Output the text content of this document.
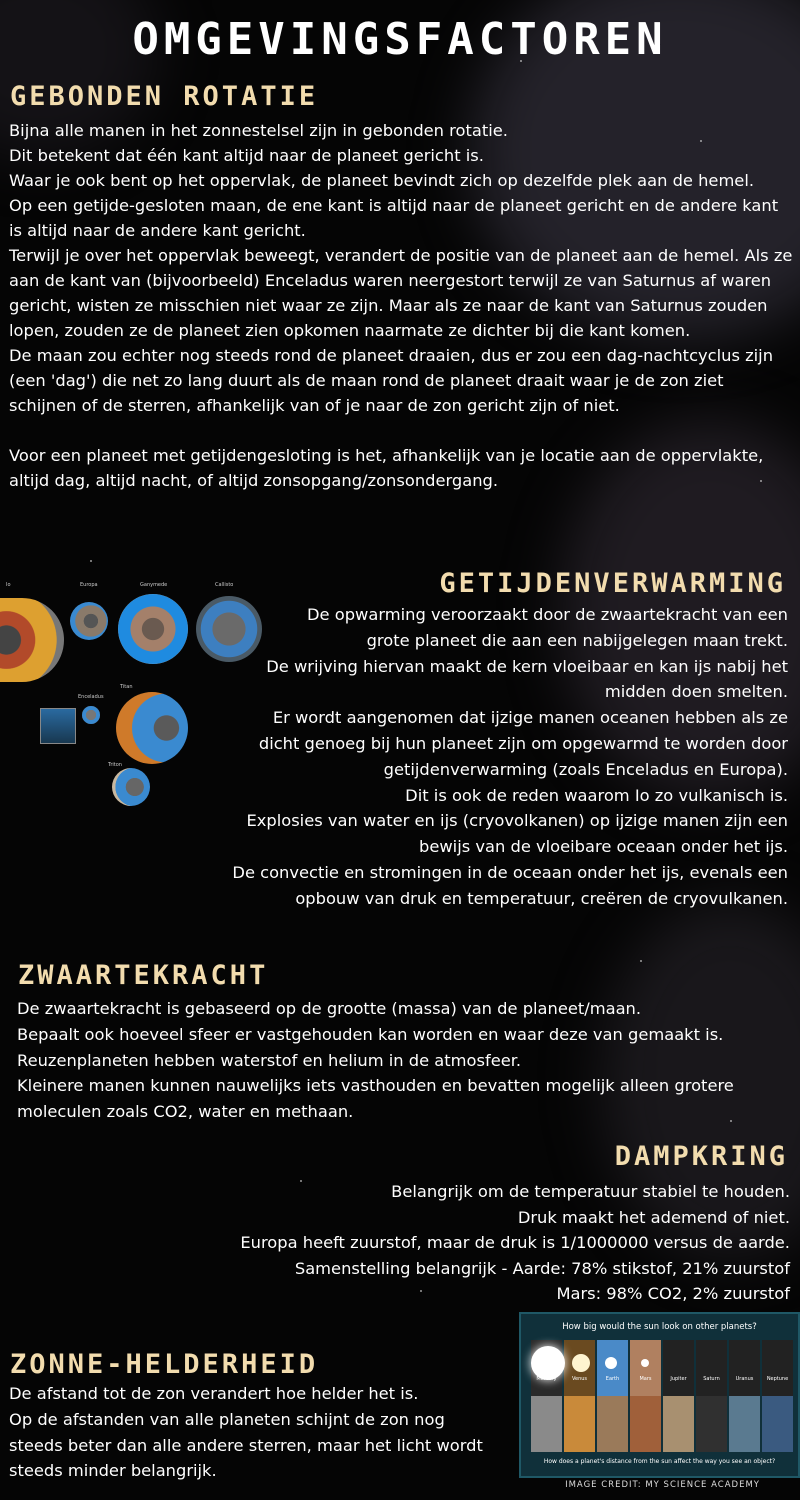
OMGEVINGSFACTOREN
GEBONDEN ROTATIE

Bijna alle manen in het zonnestelsel zijn in gebonden rotatie.

Dit betekent dat één kant altijd naar de planeet gericht is.

Waar je ook bent op het oppervlak, de planeet bevindt zich op dezelfde plek aan de hemel.

Op een getijde-gesloten maan, de ene kant is altijd naar de planeet gericht en de andere kant is altijd naar de andere kant gericht.

Terwijl je over het oppervlak beweegt, verandert de positie van de planeet aan de hemel. Als ze aan de kant van (bijvoorbeeld) Enceladus waren neergestort terwijl ze van Saturnus af waren gericht, wisten ze misschien niet waar ze zijn. Maar als ze naar de kant van Saturnus zouden lopen, zouden ze de planeet zien opkomen naarmate ze dichter bij die kant komen.

De maan zou echter nog steeds rond de planeet draaien, dus er zou een dag-nachtcyclus zijn (een 'dag') die net zo lang duurt als de maan rond de planeet draait waar je de zon ziet schijnen of de sterren, afhankelijk van of je naar de zon gericht zijn of niet.

Voor een planeet met getijdengesloting is het, afhankelijk van je locatie aan de oppervlakte, altijd dag, altijd nacht, of altijd zonsopgang/zonsondergang.

Io	Europa	Ganymede	Callisto
Enceladus
Titan
Triton
GETIJDENVERWARMING

De opwarming veroorzaakt door de zwaartekracht van een grote planeet die aan een nabijgelegen maan trekt.

De wrijving hiervan maakt de kern vloeibaar en kan ijs nabij het midden doen smelten.

Er wordt aangenomen dat ijzige manen oceanen hebben als ze dicht genoeg bij hun planeet zijn om opgewarmd te worden door getijdenverwarming (zoals Enceladus en Europa).

Dit is ook de reden waarom Io zo vulkanisch is.

Explosies van water en ijs (cryovolkanen) op ijzige manen zijn een bewijs van de vloeibare oceaan onder het ijs.

De convectie en stromingen in de oceaan onder het ijs, evenals een opbouw van druk en temperatuur, creëren de cryovulkanen.

ZWAARTEKRACHT

De zwaartekracht is gebaseerd op de grootte (massa) van de planeet/maan.

Bepaalt ook hoeveel sfeer er vastgehouden kan worden en waar deze van gemaakt is.

Reuzenplaneten hebben waterstof en helium in de atmosfeer.

Kleinere manen kunnen nauwelijks iets vasthouden en bevatten mogelijk alleen grotere moleculen zoals CO2, water en methaan.

DAMPKRING

Belangrijk om de temperatuur stabiel te houden.

Druk maakt het ademend of niet.

Europa heeft zuurstof, maar de druk is 1/1000000 versus de aarde.

Samenstelling belangrijk - Aarde: 78% stikstof, 21% zuurstof

Mars: 98% CO2, 2% zuurstof

ZONNE-HELDERHEID

De afstand tot de zon verandert hoe helder het is.

Op de afstanden van alle planeten schijnt de zon nog steeds beter dan alle andere sterren, maar het licht wordt steeds minder belangrijk.

How big would the sun look on other planets?
Mercury	Venus	Earth	Mars	Jupiter	Saturn	Uranus	Neptune
How does a planet's distance from the sun affect the way you see an object?
IMAGE CREDIT: MY SCIENCE ACADEMY
